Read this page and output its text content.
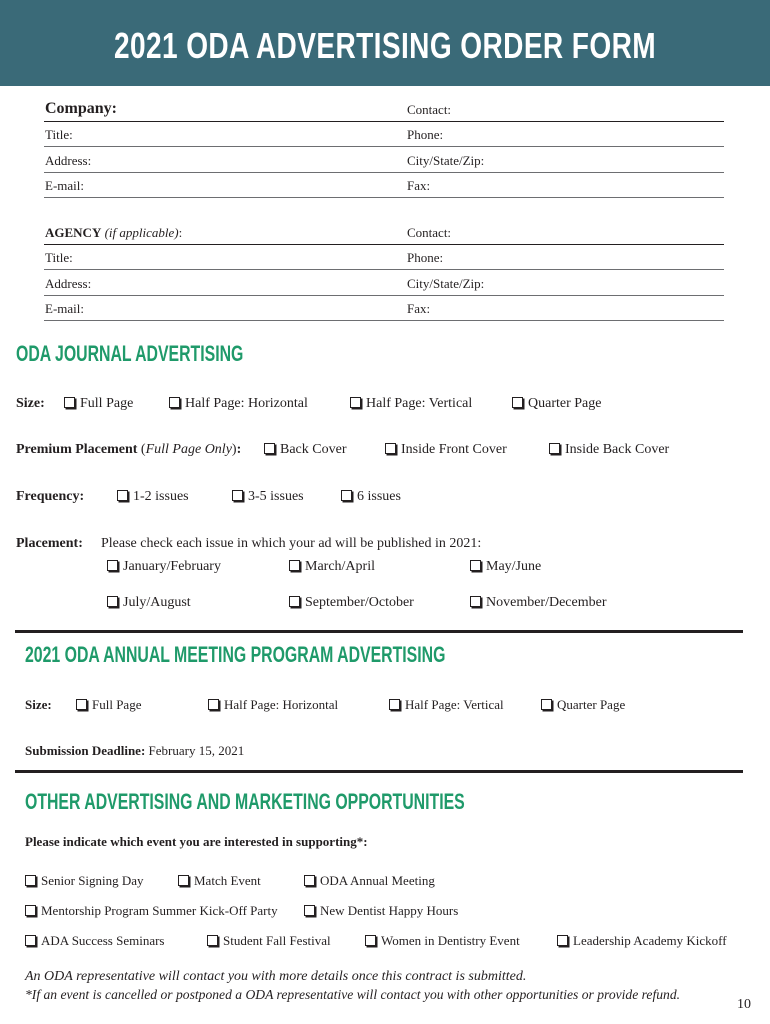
2021 ODA ADVERTISING ORDER FORM
Company:	Contact:
Title:	Phone:
Address:	City/State/Zip:
E-mail:	Fax:
AGENCY (if applicable):	Contact:
Title:	Phone:
Address:	City/State/Zip:
E-mail:	Fax:
ODA JOURNAL ADVERTISING
Size:	Full Page	Half Page: Horizontal	Half Page: Vertical	Quarter Page
Premium Placement (Full Page Only):	Back Cover	Inside Front Cover	Inside Back Cover
Frequency:	1-2 issues	3-5 issues	6 issues
Placement: Please check each issue in which your ad will be published in 2021:
January/February	March/April	May/June
July/August	September/October	November/December
2021 ODA ANNUAL MEETING PROGRAM ADVERTISING
Size:	Full Page	Half Page: Horizontal	Half Page: Vertical	Quarter Page
Submission Deadline: February 15, 2021
OTHER ADVERTISING AND MARKETING OPPORTUNITIES
Please indicate which event you are interested in supporting*:
Senior Signing Day	Match Event	ODA Annual Meeting
Mentorship Program Summer Kick-Off Party	New Dentist Happy Hours
ADA Success Seminars	Student Fall Festival	Women in Dentistry Event	Leadership Academy Kickoff
An ODA representative will contact you with more details once this contract is submitted.
*If an event is cancelled or postponed a ODA representative will contact you with other opportunities or provide refund.
10
